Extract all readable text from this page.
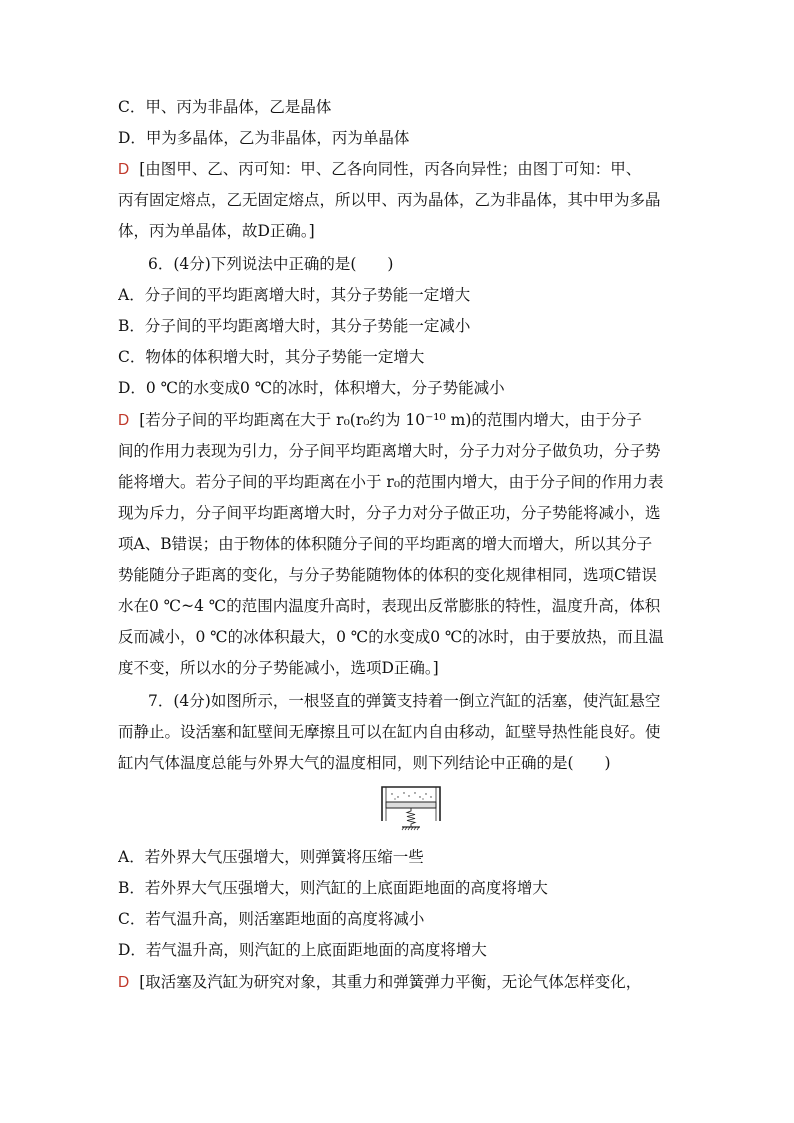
C．甲、丙为非晶体，乙是晶体
D．甲为多晶体，乙为非晶体，丙为单晶体
D [由图甲、乙、丙可知：甲、乙各向同性，丙各向异性；由图丁可知：甲、
丙有固定熔点，乙无固定熔点，所以甲、丙为晶体，乙为非晶体，其中甲为多晶
体，丙为单晶体，故D正确。]
6．(4分)下列说法中正确的是(　　)
A．分子间的平均距离增大时，其分子势能一定增大
B．分子间的平均距离增大时，其分子势能一定减小
C．物体的体积增大时，其分子势能一定增大
D．0 ℃的水变成0 ℃的冰时，体积增大，分子势能减小
D [若分子间的平均距离在大于 r₀(r₀约为 10⁻¹⁰ m)的范围内增大，由于分子
间的作用力表现为引力，分子间平均距离增大时，分子力对分子做负功，分子势
能将增大。若分子间的平均距离在小于 r₀的范围内增大，由于分子间的作用力表
现为斥力，分子间平均距离增大时，分子力对分子做正功，分子势能将减小，选
项A、B错误；由于物体的体积随分子间的平均距离的增大而增大，所以其分子
势能随分子距离的变化，与分子势能随物体的体积的变化规律相同，选项C错误
水在0 ℃~4 ℃的范围内温度升高时，表现出反常膨胀的特性，温度升高，体积
反而减小，0 ℃的冰体积最大，0 ℃的水变成0 ℃的冰时，由于要放热，而且温
度不变，所以水的分子势能减小，选项D正确。]
7．(4分)如图所示，一根竖直的弹簧支持着一倒立汽缸的活塞，使汽缸悬空
而静止。设活塞和缸壁间无摩擦且可以在缸内自由移动，缸壁导热性能良好。使
缸内气体温度总能与外界大气的温度相同，则下列结论中正确的是(　　)
A．若外界大气压强增大，则弹簧将压缩一些
B．若外界大气压强增大，则汽缸的上底面距地面的高度将增大
C．若气温升高，则活塞距地面的高度将减小
D．若气温升高，则汽缸的上底面距地面的高度将增大
D [取活塞及汽缸为研究对象，其重力和弹簧弹力平衡，无论气体怎样变化，
